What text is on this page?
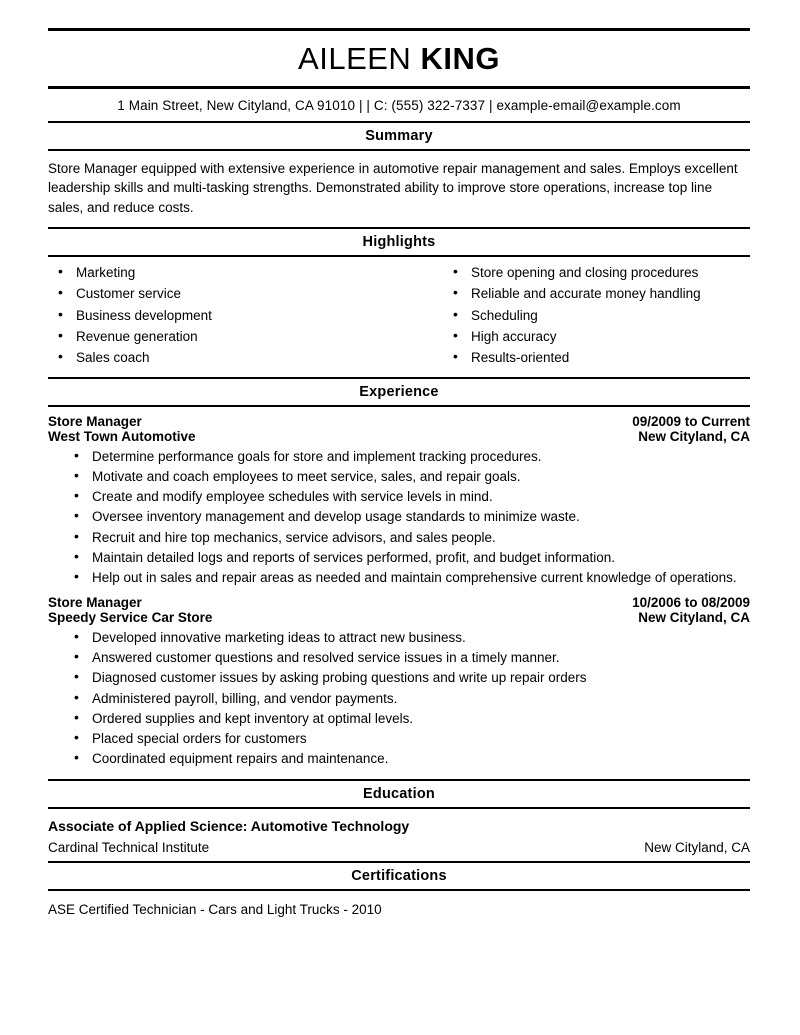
AILEEN KING
1 Main Street, New Cityland, CA 91010 | | C: (555) 322-7337 | example-email@example.com
Summary
Store Manager equipped with extensive experience in automotive repair management and sales. Employs excellent leadership skills and multi-tasking strengths. Demonstrated ability to improve store operations, increase top line sales, and reduce costs.
Highlights
• Marketing
• Customer service
• Business development
• Revenue generation
• Sales coach
• Store opening and closing procedures
• Reliable and accurate money handling
• Scheduling
• High accuracy
• Results-oriented
Experience
Store Manager	09/2009 to Current
West Town Automotive	New Cityland, CA
• Determine performance goals for store and implement tracking procedures.
• Motivate and coach employees to meet service, sales, and repair goals.
• Create and modify employee schedules with service levels in mind.
• Oversee inventory management and develop usage standards to minimize waste.
• Recruit and hire top mechanics, service advisors, and sales people.
• Maintain detailed logs and reports of services performed, profit, and budget information.
• Help out in sales and repair areas as needed and maintain comprehensive current knowledge of operations.
Store Manager	10/2006 to 08/2009
Speedy Service Car Store	New Cityland, CA
• Developed innovative marketing ideas to attract new business.
• Answered customer questions and resolved service issues in a timely manner.
• Diagnosed customer issues by asking probing questions and write up repair orders
• Administered payroll, billing, and vendor payments.
• Ordered supplies and kept inventory at optimal levels.
• Placed special orders for customers
• Coordinated equipment repairs and maintenance.
Education
Associate of Applied Science: Automotive Technology
Cardinal Technical Institute	New Cityland, CA
Certifications
ASE Certified Technician - Cars and Light Trucks - 2010
